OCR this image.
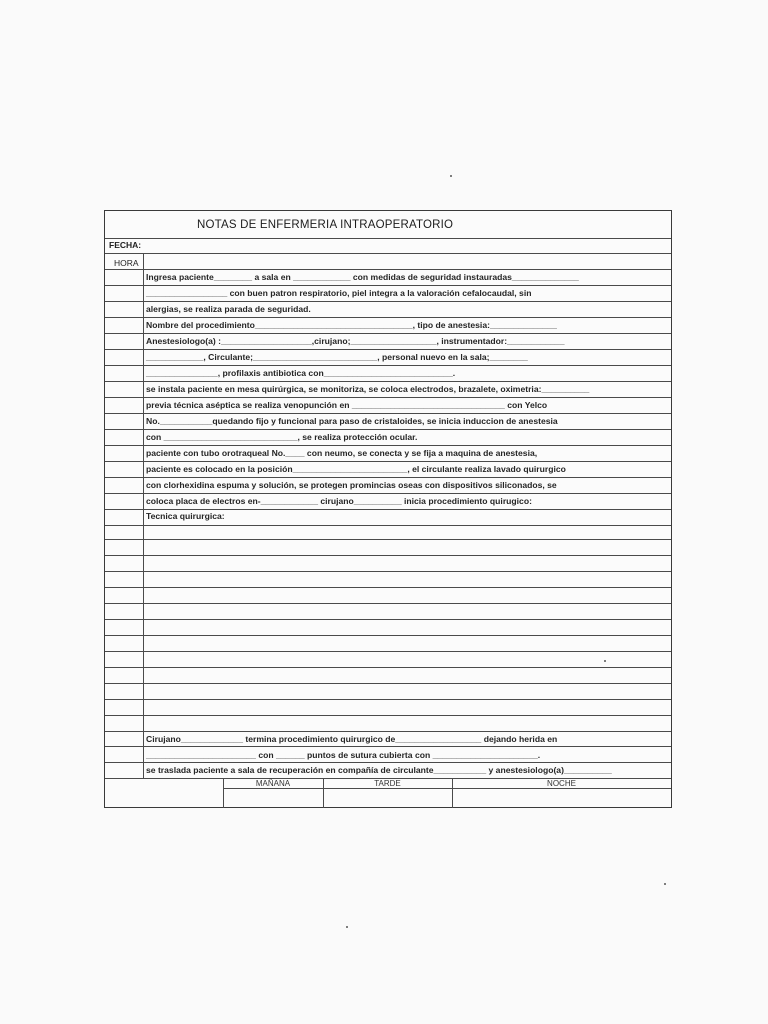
NOTAS DE ENFERMERIA INTRAOPERATORIO
FECHA:
HORA
Ingresa paciente________ a sala en ____________ con medidas de seguridad instauradas______________
_________________ con buen patron respiratorio, piel integra a la valoración cefalocaudal, sin
alergias, se realiza parada de seguridad.
Nombre del procedimiento_________________________________, tipo de anestesia:______________
Anestesiologo(a) :___________________,cirujano;__________________, instrumentador:____________
____________, Circulante;__________________________, personal nuevo en la sala;________
_______________, profilaxis antibiotica con___________________________.
se instala paciente en mesa quirúrgica, se monitoriza, se coloca electrodos, brazalete, oximetria:__________
previa técnica aséptica se realiza venopunción en ________________________________ con Yelco
No.___________quedando fijo y funcional para paso de cristaloides, se inicia induccion de anestesia
con ____________________________, se realiza protección ocular.
paciente con tubo orotraqueal No.____ con neumo, se conecta y se fija a maquina de anestesia,
paciente es colocado en la posición________________________, el circulante realiza lavado quirurgico
con clorhexidina espuma y solución, se protegen promincias oseas con dispositivos siliconados, se
coloca placa de electros en-____________ cirujano__________ inicia procedimiento quirugico:
Tecnica quirurgica:
Cirujano_____________ termina procedimiento quirurgico de__________________ dejando herida en
_______________________ con ______ puntos de sutura cubierta con ______________________.
se traslada paciente a sala de recuperación en compañía de circulante___________ y anestesiologo(a)__________
MAÑANA	TARDE	NOCHE
